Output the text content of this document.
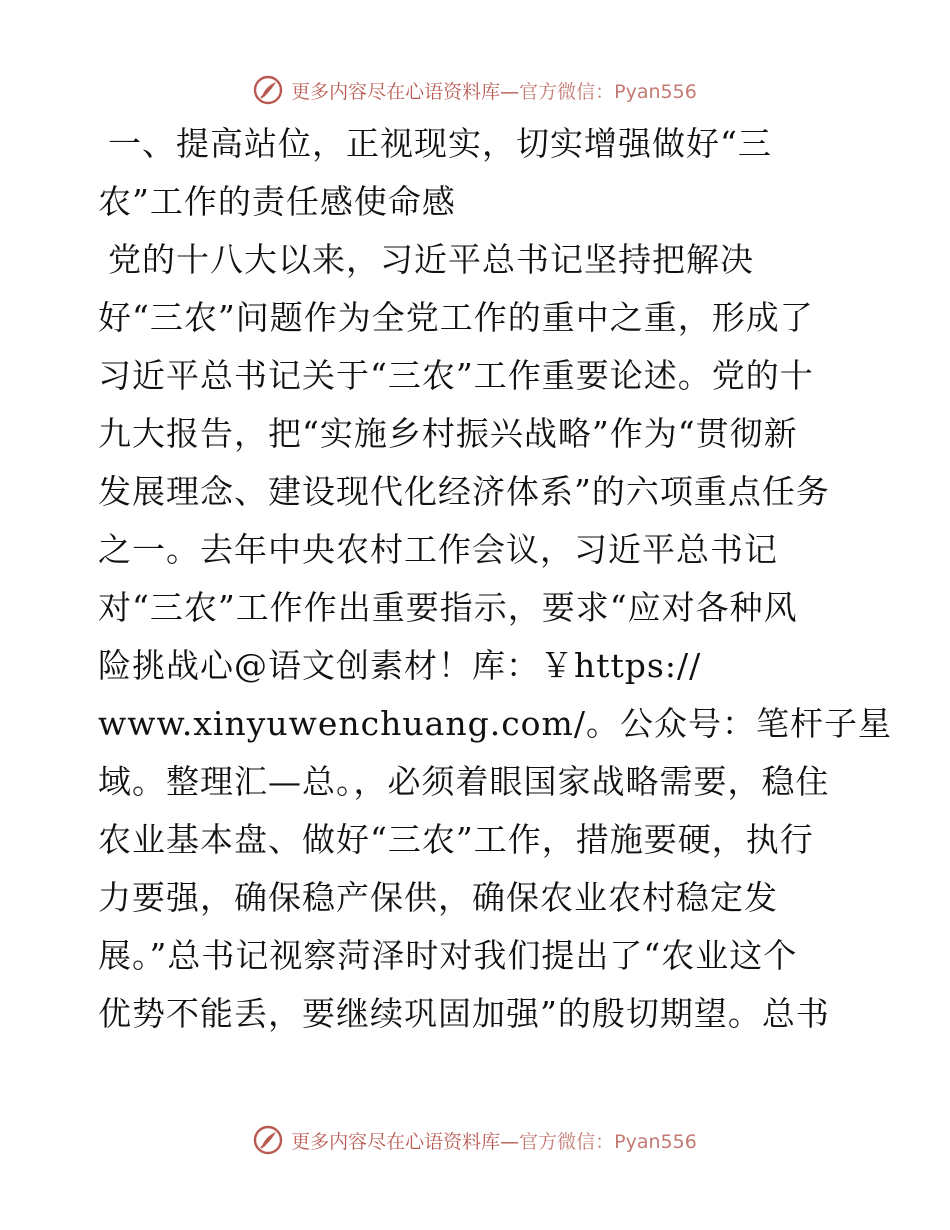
更多内容尽在心语资料库— 官方微信：Pyan556
一、提高站位，正视现实，切实增强做好“三
农”工作的责任感使命感
党的十八大以来，习近平总书记坚持把解决
好“三农”问题作为全党工作的重中之重，形成了
习近平总书记关于“三农”工作重要论述。党的十
九大报告，把“实施乡村振兴战略”作为“贯彻新
发展理念、建设现代化经济体系”的六项重点任务
之一。去年中央农村工作会议，习近平总书记
对“三农”工作作出重要指示，要求“应对各种风
险挑战心@语文创素材！库：￥https://
www.xinyuwenchuang.com/。公众号：笔杆子星
域。整理汇—总。，必须着眼国家战略需要，稳住
农业基本盘、做好“三农”工作，措施要硬，执行
力要强，确保稳产保供，确保农业农村稳定发
展。”总书记视察菏泽时对我们提出了“农业这个
优势不能丢，要继续巩固加强”的殷切期望。总书
更多内容尽在心语资料库— 官方微信：Pyan556
